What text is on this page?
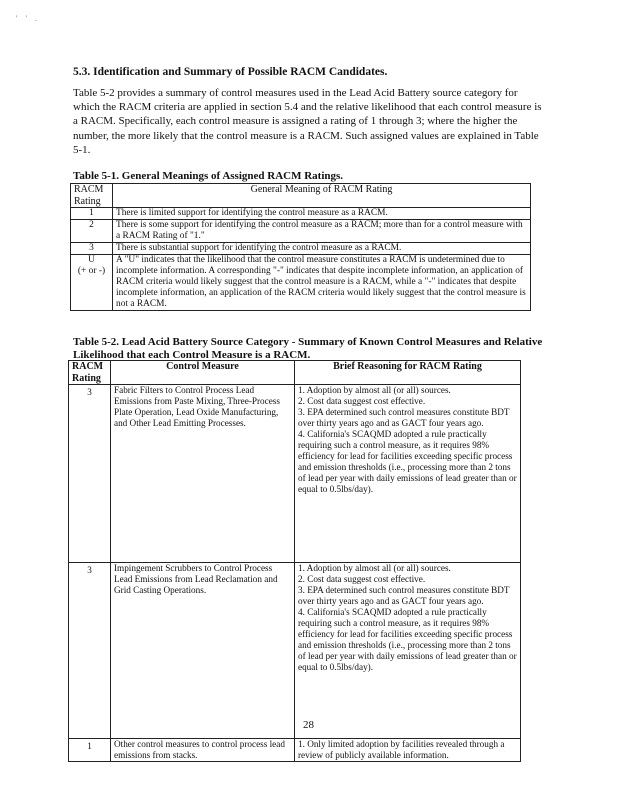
' ' .
5.3. Identification and Summary of Possible RACM Candidates.

Table 5-2 provides a summary of control measures used in the Lead Acid Battery source category for which the RACM criteria are applied in section 5.4 and the relative likelihood that each control measure is a RACM. Specifically, each control measure is assigned a rating of 1 through 3; where the higher the number, the more likely that the control measure is a RACM. Such assigned values are explained in Table 5-1.

Table 5-1. General Meanings of Assigned RACM Ratings.
RACM Rating	General Meaning of RACM Rating
1	There is limited support for identifying the control measure as a RACM.
2	There is some support for identifying the control measure as a RACM; more than for a control measure with a RACM Rating of "1."
3	There is substantial support for identifying the control measure as a RACM.

U
(+ or -)	A "U" indicates that the likelihood that the control measure constitutes a RACM is undetermined due to incomplete information. A corresponding "-" indicates that despite incomplete information, an application of RACM criteria would likely suggest that the control measure is a RACM, while a "-" indicates that despite incomplete information, an application of the RACM criteria would likely suggest that the control measure is not a RACM.
Table 5-2. Lead Acid Battery Source Category - Summary of Known Control Measures and Relative Likelihood that each Control Measure is a RACM.
RACM Rating	Control Measure	Brief Reasoning for RACM Rating
3	Fabric Filters to Control Process Lead Emissions from Paste Mixing, Three-Process Plate Operation, Lead Oxide Manufacturing, and Other Lead Emitting Processes.	1. Adoption by almost all (or all) sources.
2. Cost data suggest cost effective.
3. EPA determined such control measures constitute BDT over thirty years ago and as GACT four years ago.
4. California's SCAQMD adopted a rule practically requiring such a control measure, as it requires 98% efficiency for lead for facilities exceeding specific process and emission thresholds (i.e., processing more than 2 tons of lead per year with daily emissions of lead greater than or equal to 0.5lbs/day).

3	Impingement Scrubbers to Control Process Lead Emissions from Lead Reclamation and Grid Casting Operations.	1. Adoption by almost all (or all) sources.
2. Cost data suggest cost effective.
3. EPA determined such control measures constitute BDT over thirty years ago and as GACT four years ago.
4. California's SCAQMD adopted a rule practically requiring such a control measure, as it requires 98% efficiency for lead for facilities exceeding specific process and emission thresholds (i.e., processing more than 2 tons of lead per year with daily emissions of lead greater than or equal to 0.5lbs/day).

1	Other control measures to control process lead emissions from stacks.	1. Only limited adoption by facilities revealed through a review of publicly available information.
28
